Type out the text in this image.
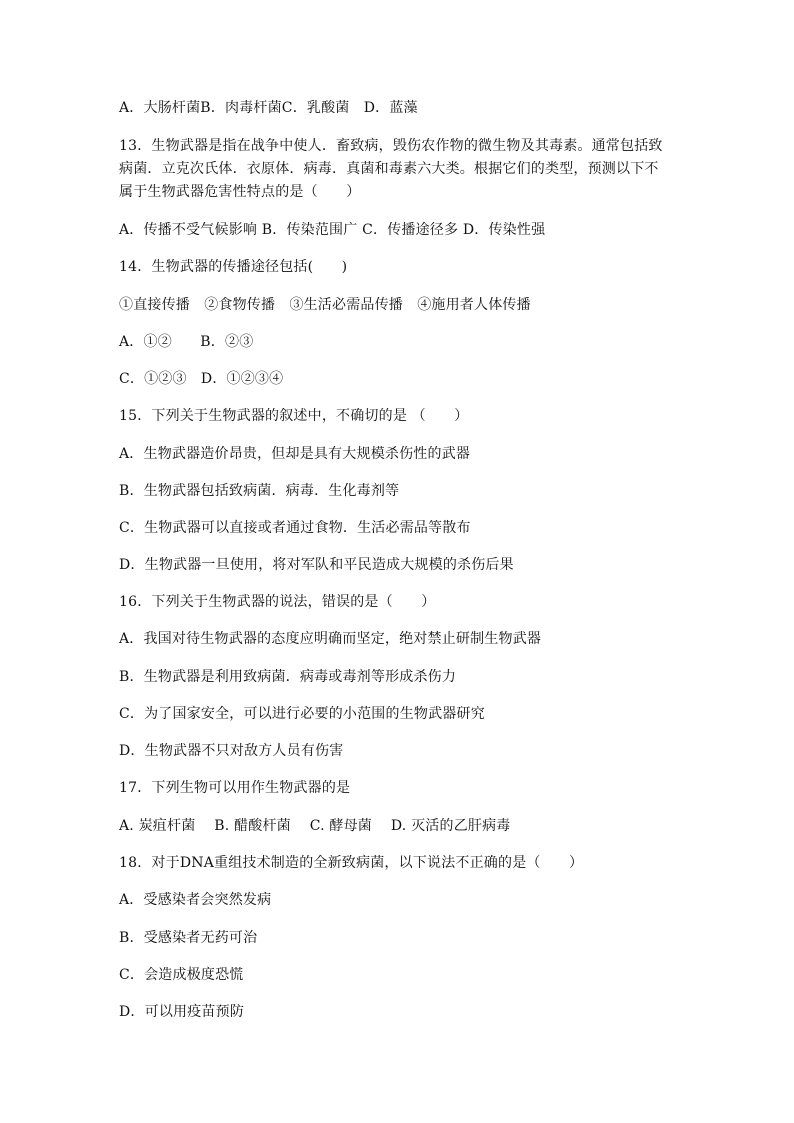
A．大肠杆菌B．肉毒杆菌C．乳酸菌　D．蓝藻
13．生物武器是指在战争中使人．畜致病，毁伤农作物的微生物及其毒素。通常包括致
病菌．立克次氏体．衣原体．病毒．真菌和毒素六大类。根据它们的类型，预测以下不
属于生物武器危害性特点的是（　　）
A．传播不受气候影响 B．传染范围广 C．传播途径多 D．传染性强
14．生物武器的传播途径包括(　　)
①直接传播　②食物传播　③生活必需品传播　④施用者人体传播
A．①②　　B．②③
C．①②③　D．①②③④
15．下列关于生物武器的叙述中，不确切的是 （　　）
A．生物武器造价昂贵，但却是具有大规模杀伤性的武器
B．生物武器包括致病菌．病毒．生化毒剂等
C．生物武器可以直接或者通过食物．生活必需品等散布
D．生物武器一旦使用，将对军队和平民造成大规模的杀伤后果
16．下列关于生物武器的说法，错误的是（　　）
A．我国对待生物武器的态度应明确而坚定，绝对禁止研制生物武器
B．生物武器是利用致病菌．病毒或毒剂等形成杀伤力
C．为了国家安全，可以进行必要的小范围的生物武器研究
D．生物武器不只对敌方人员有伤害
17．下列生物可以用作生物武器的是
A. 炭疽杆菌　 B. 醋酸杆菌　 C. 酵母菌　 D. 灭活的乙肝病毒
18．对于DNA重组技术制造的全新致病菌，以下说法不正确的是（　　）
A．受感染者会突然发病
B．受感染者无药可治
C．会造成极度恐慌
D．可以用疫苗预防
